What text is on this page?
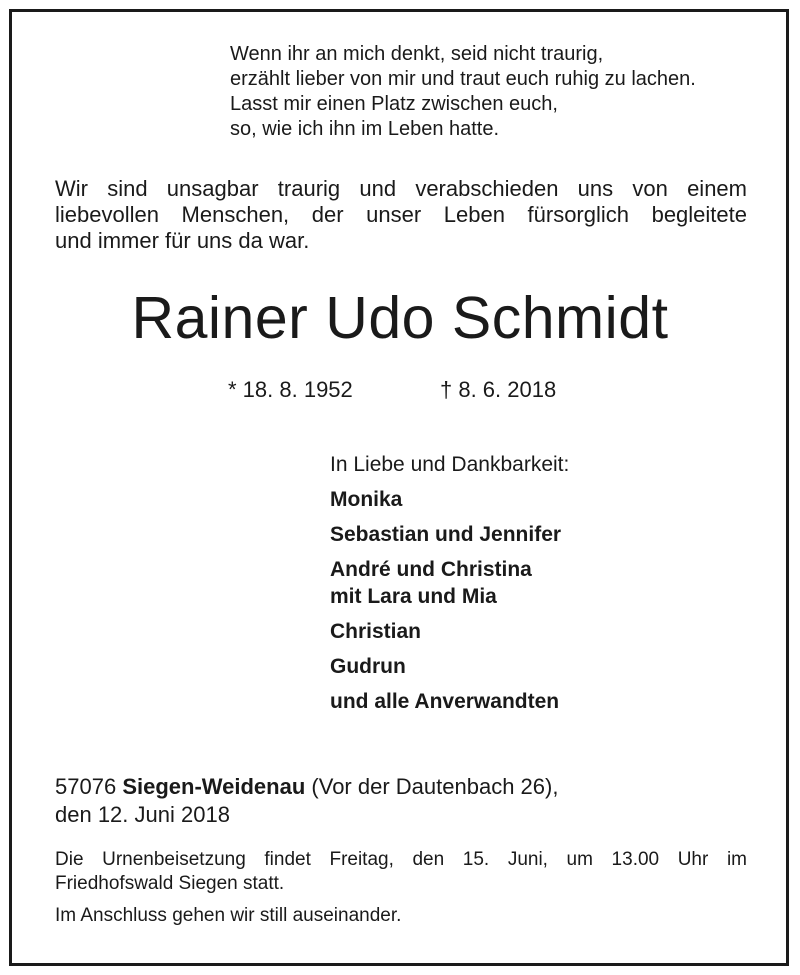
Wenn ihr an mich denkt, seid nicht traurig,
erzählt lieber von mir und traut euch ruhig zu lachen.
Lasst mir einen Platz zwischen euch,
so, wie ich ihn im Leben hatte.
Wir sind unsagbar traurig und verabschieden uns von einem
liebevollen Menschen, der unser Leben fürsorglich begleitete
und immer für uns da war.
Rainer Udo Schmidt
* 18. 8. 1952	† 8. 6. 2018
In Liebe und Dankbarkeit:
Monika
Sebastian und Jennifer
André und Christina
mit Lara und Mia
Christian
Gudrun
und alle Anverwandten
57076 Siegen-Weidenau (Vor der Dautenbach 26),
den 12. Juni 2018
Die Urnenbeisetzung findet Freitag, den 15. Juni, um 13.00 Uhr im
Friedhofswald Siegen statt.
Im Anschluss gehen wir still auseinander.
